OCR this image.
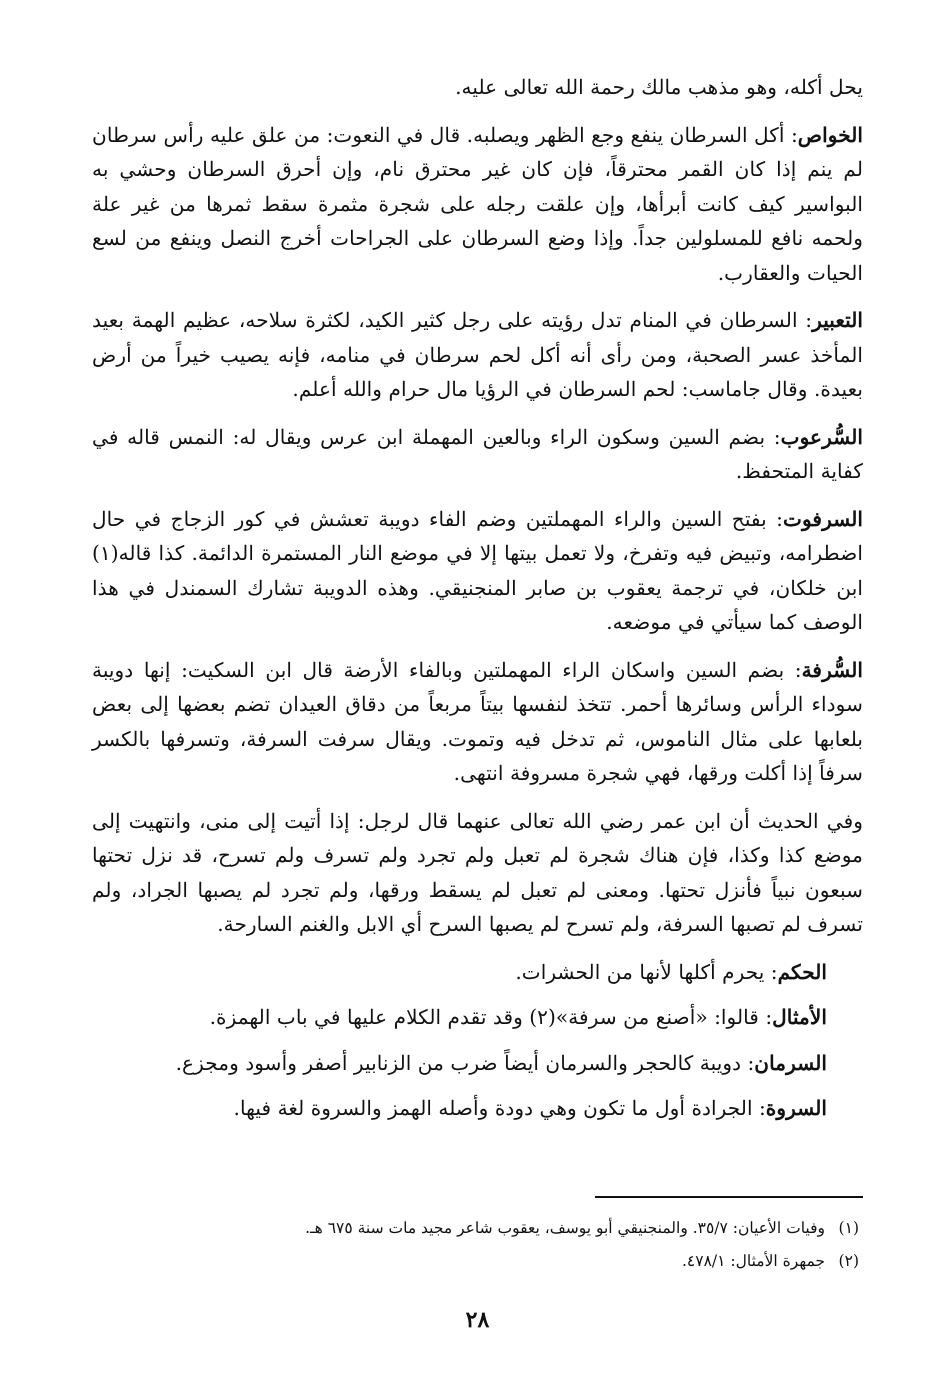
يحل أكله، وهو مذهب مالك رحمة الله تعالى عليه.

الخواص: أكل السرطان ينفع وجع الظهر ويصلبه. قال في النعوت: من علق عليه رأس سرطان لم ينم إذا كان القمر محترقاً، فإن كان غير محترق نام، وإن أحرق السرطان وحشي به البواسير كيف كانت أبرأها، وإن علقت رجله على شجرة مثمرة سقط ثمرها من غير علة ولحمه نافع للمسلولين جداً. وإذا وضع السرطان على الجراحات أخرج النصل وينفع من لسع الحيات والعقارب.

التعبير: السرطان في المنام تدل رؤيته على رجل كثير الكيد، لكثرة سلاحه، عظيم الهمة بعيد المأخذ عسر الصحبة، ومن رأى أنه أكل لحم سرطان في منامه، فإنه يصيب خيراً من أرض بعيدة. وقال جاماسب: لحم السرطان في الرؤيا مال حرام والله أعلم.

السُّرعوب: بضم السين وسكون الراء وبالعين المهملة ابن عرس ويقال له: النمس قاله في كفاية المتحفظ.

السرفوت: بفتح السين والراء المهملتين وضم الفاء دويبة تعشش في كور الزجاج في حال اضطرامه، وتبيض فيه وتفرخ، ولا تعمل بيتها إلا في موضع النار المستمرة الدائمة. كذا قاله(١) ابن خلكان، في ترجمة يعقوب بن صابر المنجنيقي. وهذه الدويبة تشارك السمندل في هذا الوصف كما سيأتي في موضعه.

السُّرفة: بضم السين واسكان الراء المهملتين وبالفاء الأرضة قال ابن السكيت: إنها دويبة سوداء الرأس وسائرها أحمر. تتخذ لنفسها بيتاً مربعاً من دقاق العيدان تضم بعضها إلى بعض بلعابها على مثال الناموس، ثم تدخل فيه وتموت. ويقال سرفت السرفة، وتسرفها بالكسر سرفاً إذا أكلت ورقها، فهي شجرة مسروفة انتهى.

وفي الحديث أن ابن عمر رضي الله تعالى عنهما قال لرجل: إذا أتيت إلى منى، وانتهيت إلى موضع كذا وكذا، فإن هناك شجرة لم تعبل ولم تجرد ولم تسرف ولم تسرح، قد نزل تحتها سبعون نبياً فأنزل تحتها. ومعنى لم تعبل لم يسقط ورقها، ولم تجرد لم يصبها الجراد، ولم تسرف لم تصبها السرفة، ولم تسرح لم يصبها السرح أي الابل والغنم السارحة.

الحكم: يحرم أكلها لأنها من الحشرات.

الأمثال: قالوا: «أصنع من سرفة»(٢) وقد تقدم الكلام عليها في باب الهمزة.

السرمان: دويبة كالحجر والسرمان أيضاً ضرب من الزنابير أصفر وأسود ومجزع.

السروة: الجرادة أول ما تكون وهي دودة وأصله الهمز والسروة لغة فيها.

(١)وفيات الأعيان: ٣٥/٧. والمنجنيقي أبو يوسف، يعقوب شاعر مجيد مات سنة ٦٧٥ هـ.

(٢)جمهرة الأمثال: ٤٧٨/١.

٢٨
